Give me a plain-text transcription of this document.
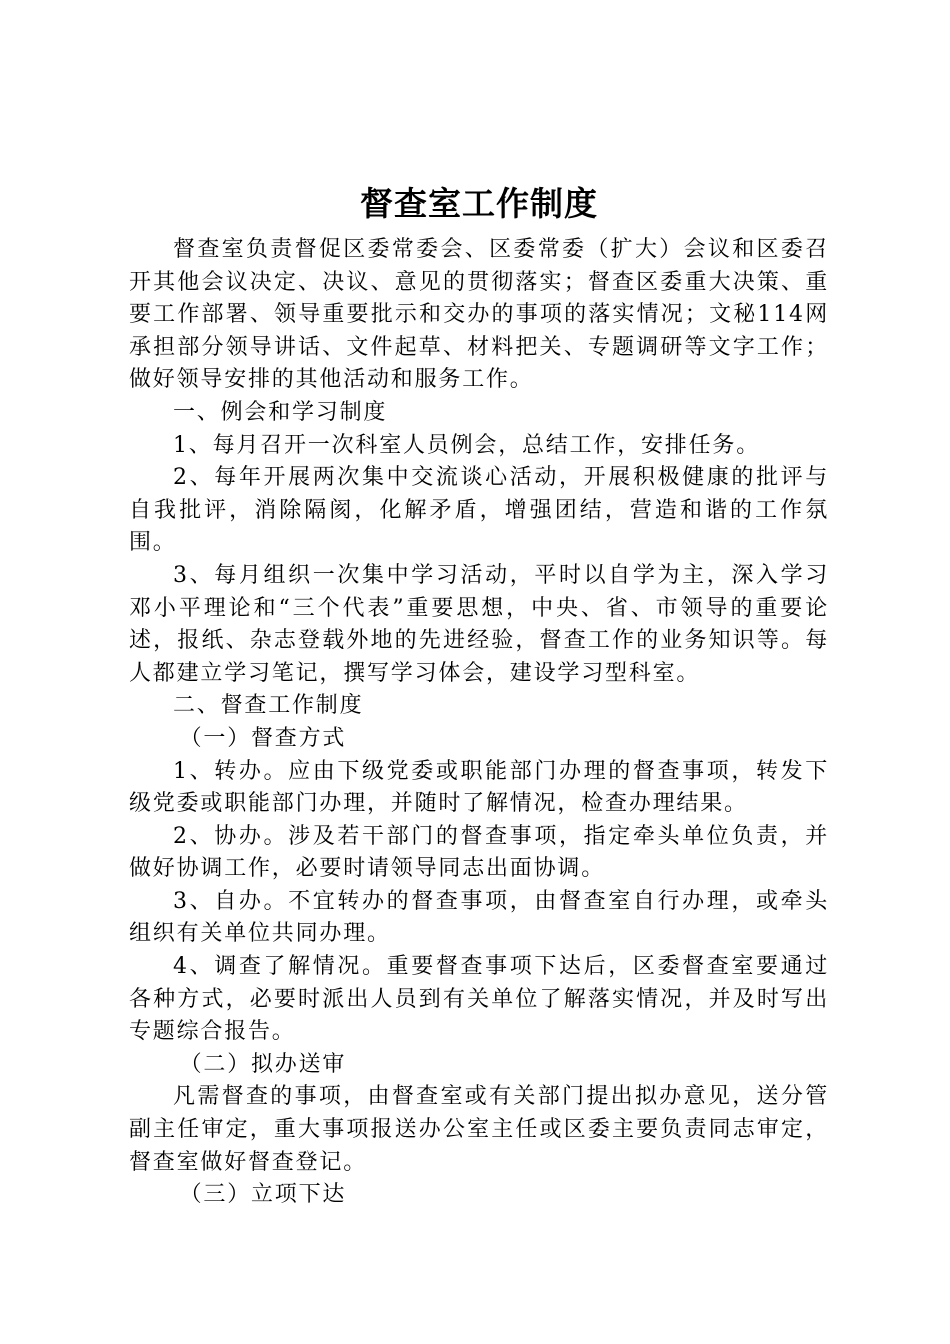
督查室工作制度

督查室负责督促区委常委会、区委常委（扩大）会议和区委召开其他会议决定、决议、意见的贯彻落实；督查区委重大决策、重要工作部署、领导重要批示和交办的事项的落实情况；文秘114网承担部分领导讲话、文件起草、材料把关、专题调研等文字工作；做好领导安排的其他活动和服务工作。

一、例会和学习制度

1、每月召开一次科室人员例会，总结工作，安排任务。

2、每年开展两次集中交流谈心活动，开展积极健康的批评与自我批评，消除隔阂，化解矛盾，增强团结，营造和谐的工作氛围。

3、每月组织一次集中学习活动，平时以自学为主，深入学习邓小平理论和“三个代表”重要思想，中央、省、市领导的重要论述，报纸、杂志登载外地的先进经验，督查工作的业务知识等。每人都建立学习笔记，撰写学习体会，建设学习型科室。

二、督查工作制度

（一）督查方式

1、转办。应由下级党委或职能部门办理的督查事项，转发下级党委或职能部门办理，并随时了解情况，检查办理结果。

2、协办。涉及若干部门的督查事项，指定牵头单位负责，并做好协调工作，必要时请领导同志出面协调。

3、自办。不宜转办的督查事项，由督查室自行办理，或牵头组织有关单位共同办理。

4、调查了解情况。重要督查事项下达后，区委督查室要通过各种方式，必要时派出人员到有关单位了解落实情况，并及时写出专题综合报告。

（二）拟办送审

凡需督查的事项，由督查室或有关部门提出拟办意见，送分管副主任审定，重大事项报送办公室主任或区委主要负责同志审定，督查室做好督查登记。

（三）立项下达
